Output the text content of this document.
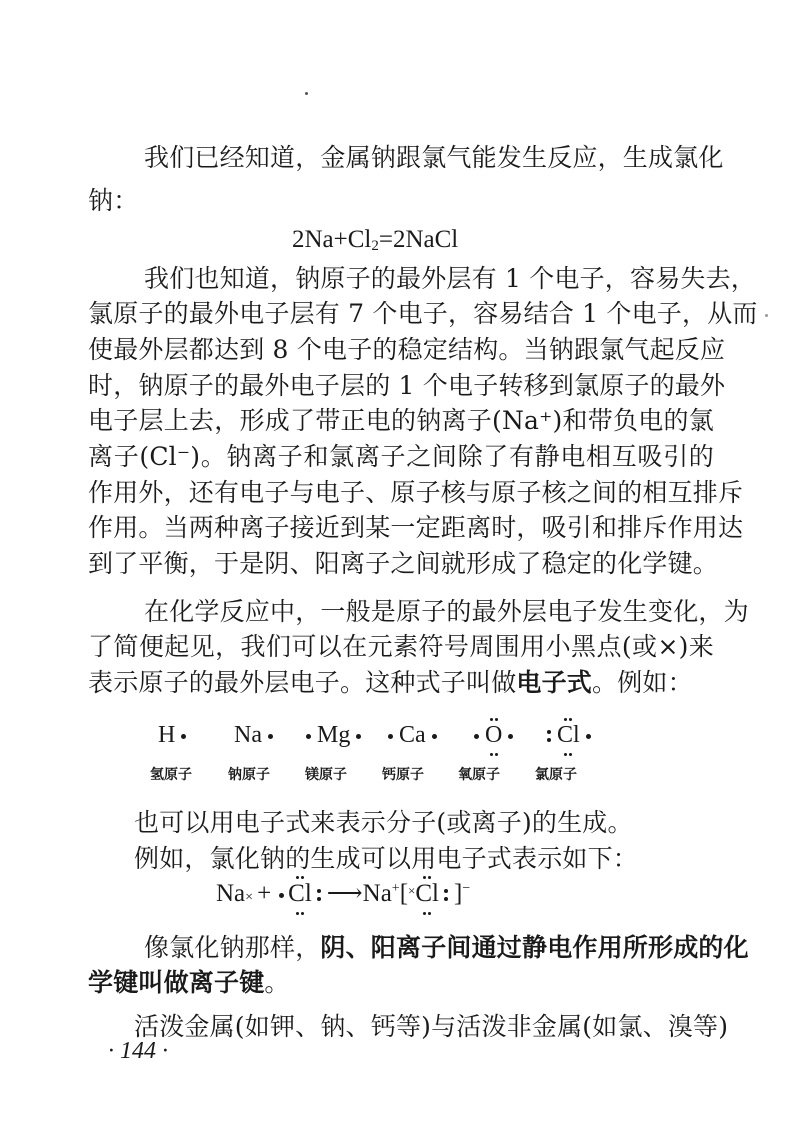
我们已经知道，金属钠跟氯气能发生反应，生成氯化
钠：
$2Na+Cl_2=2NaCl$
我们也知道，钠原子的最外层有 1 个电子，容易失去，
氯原子的最外电子层有 7 个电子，容易结合 1 个电子，从而
使最外层都达到 8 个电子的稳定结构。当钠跟氯气起反应
时，钠原子的最外电子层的 1 个电子转移到氯原子的最外
电子层上去，形成了带正电的钠离子(Na⁺)和带负电的氯
离子(Cl⁻)。钠离子和氯离子之间除了有静电相互吸引的
作用外，还有电子与电子、原子核与原子核之间的相互排斥
作用。当两种离子接近到某一定距离时，吸引和排斥作用达
到了平衡，于是阴、阳离子之间就形成了稳定的化学键。
在化学反应中，一般是原子的最外层电子发生变化，为
了简便起见，我们可以在元素符号周围用小黑点(或×)来
表示原子的最外层电子。这种式子叫做电子式。例如：
H	Na	Mg	Ca	O	Cl
氢原子	钠原子	镁原子	钙原子 氧原子	氯原子
也可以用电子式来表示分子(或离子)的生成。
例如，氯化钠的生成可以用电子式表示如下：
Na× + Cl ⟶Na+[×
Cl ]−
像氯化钠那样，阴、阳离子间通过静电作用所形成的化
学键叫做离子键。
活泼金属(如钾、钠、钙等)与活泼非金属(如氯、溴等)
· 144 ·
